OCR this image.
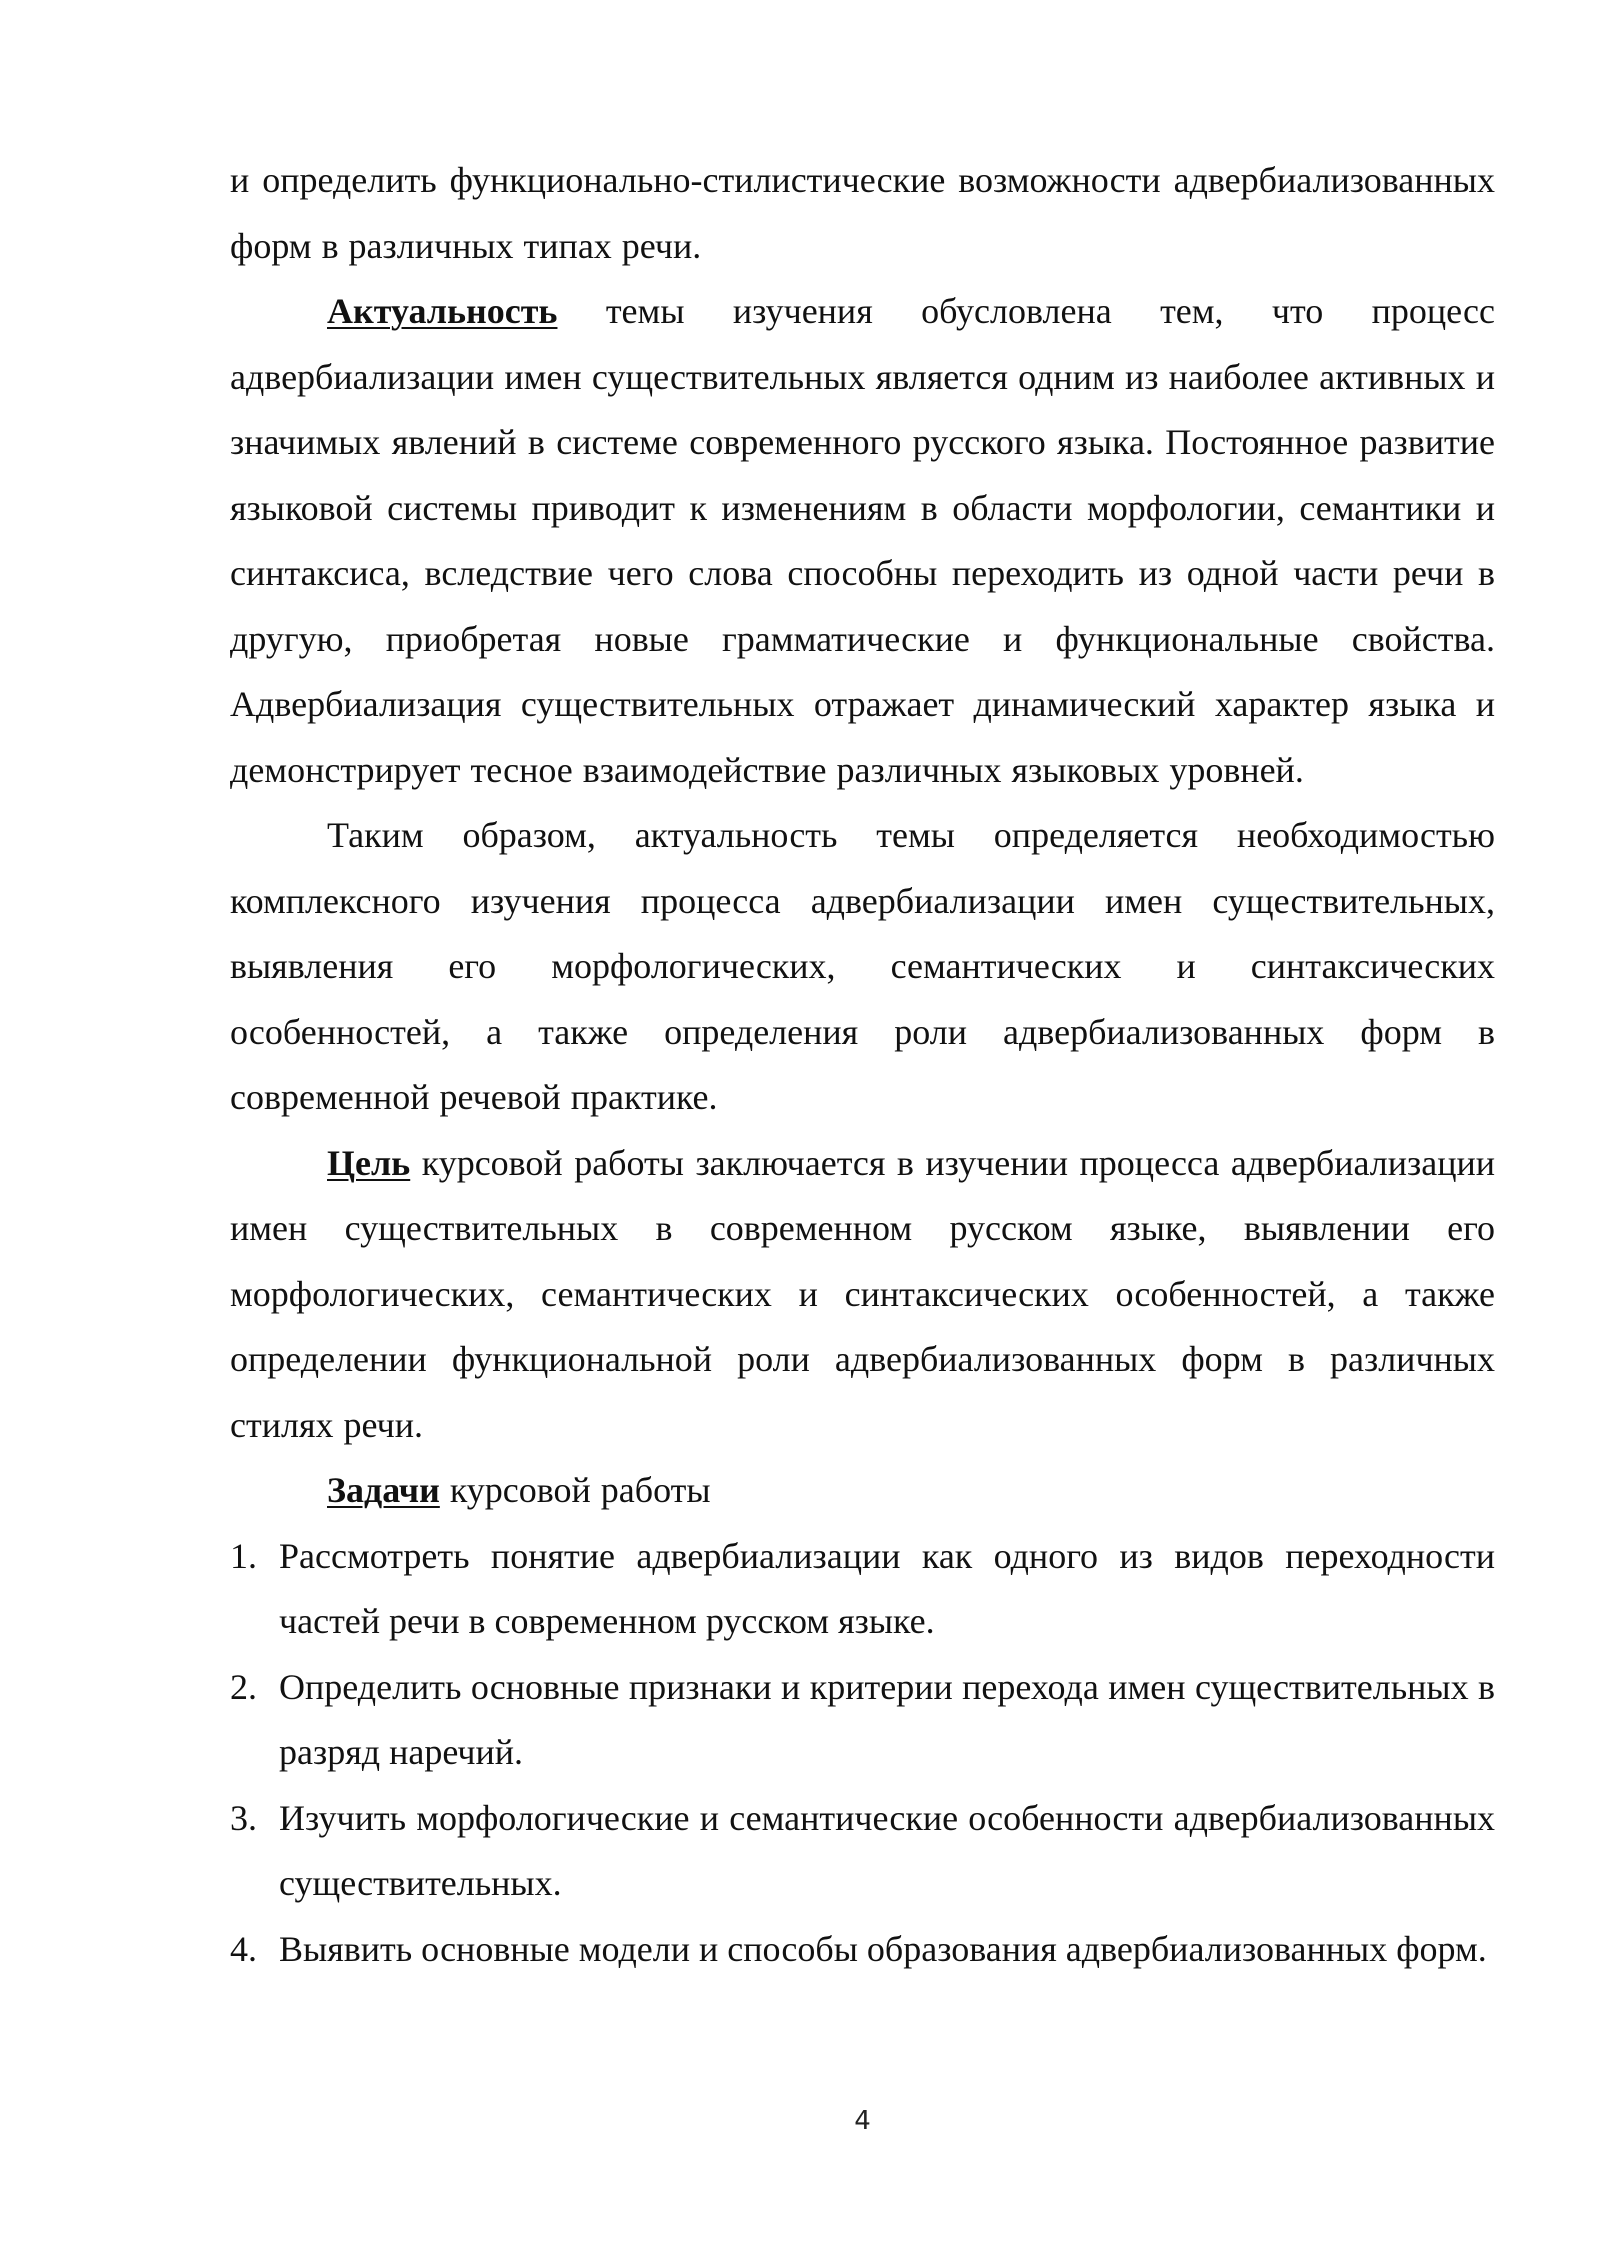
и определить функционально-стилистические возможности адвербиализованных форм в различных типах речи.

Актуальность темы изучения обусловлена тем, что процесс адвербиализации имен существительных является одним из наиболее активных и значимых явлений в системе современного русского языка. Постоянное развитие языковой системы приводит к изменениям в области морфологии, семантики и синтаксиса, вследствие чего слова способны переходить из одной части речи в другую, приобретая новые грамматические и функциональные свойства. Адвербиализация существительных отражает динамический характер языка и демонстрирует тесное взаимодействие различных языковых уровней.

Таким образом, актуальность темы определяется необходимостью комплексного изучения процесса адвербиализации имен существительных, выявления его морфологических, семантических и синтаксических особенностей, а также определения роли адвербиализованных форм в современной речевой практике.

Цель курсовой работы заключается в изучении процесса адвербиализации имен существительных в современном русском языке, выявлении его морфологических, семантических и синтаксических особенностей, а также определении функциональной роли адвербиализованных форм в различных стилях речи.

Задачи курсовой работы

1. Рассмотреть понятие адвербиализации как одного из видов переходности частей речи в современном русском языке.
2. Определить основные признаки и критерии перехода имен существительных в разряд наречий.
3. Изучить морфологические и семантические особенности адвербиализованных существительных.
4. Выявить основные модели и способы образования адвербиализованных форм.
4
